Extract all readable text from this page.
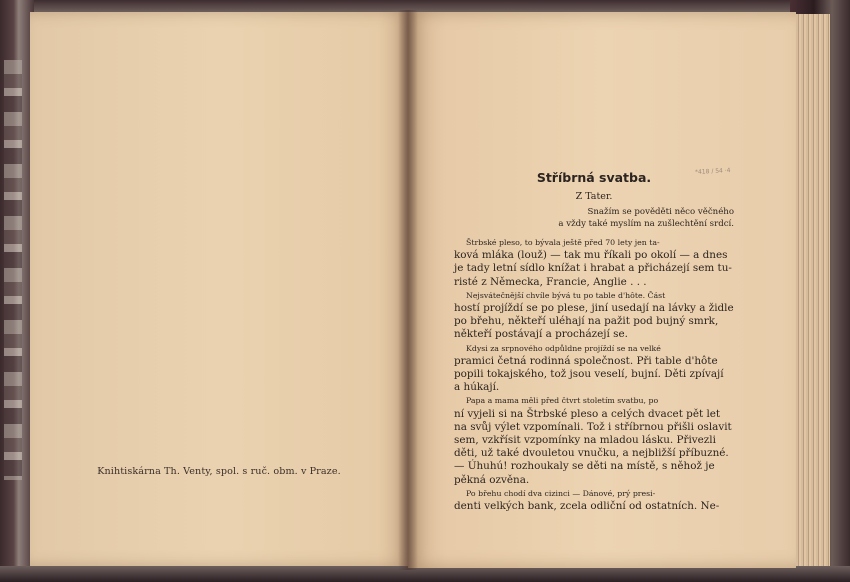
Knihtiskárna Th. Venty, spol. s ruč. obm. v Praze.
*418 / 54 ·4
Stříbrná svatba.
Z Tater.
Snažím se pověděti něco věčného
a vždy také myslím na zušlechtění srdcí.
Štrbské pleso, to bývala ještě před 70 lety jen ta-
ková mláka (louž) — tak mu říkali po okolí — a dnes
je tady letní sídlo knížat i hrabat a přicházejí sem tu-
risté z Německa, Francie, Anglie . . .
Nejsvátečnější chvíle bývá tu po table d'hôte. Část
hostí projíždí se po plese, jiní usedají na lávky a židle
po břehu, někteří uléhají na pažit pod bujný smrk,
někteří postávají a procházejí se.
Kdysi za srpnového odpůldne projíždí se na velké
pramici četná rodinná společnost. Při table d'hôte
popili tokajského, tož jsou veselí, bujní. Děti zpívají
a húkají.
Papa a mama měli před čtvrt stoletím svatbu, po
ní vyjeli si na Štrbské pleso a celých dvacet pět let
na svůj výlet vzpomínali. Tož i stříbrnou přišli oslavit
sem, vzkřísit vzpomínky na mladou lásku. Přivezli
děti, už také dvouletou vnučku, a nejbližší příbuzné.
— Úhuhú! rozhoukaly se děti na místě, s něhož je
pěkná ozvěna.
Po břehu chodí dva cizinci — Dánové, prý presi-
denti velkých bank, zcela odliční od ostatních. Ne-
